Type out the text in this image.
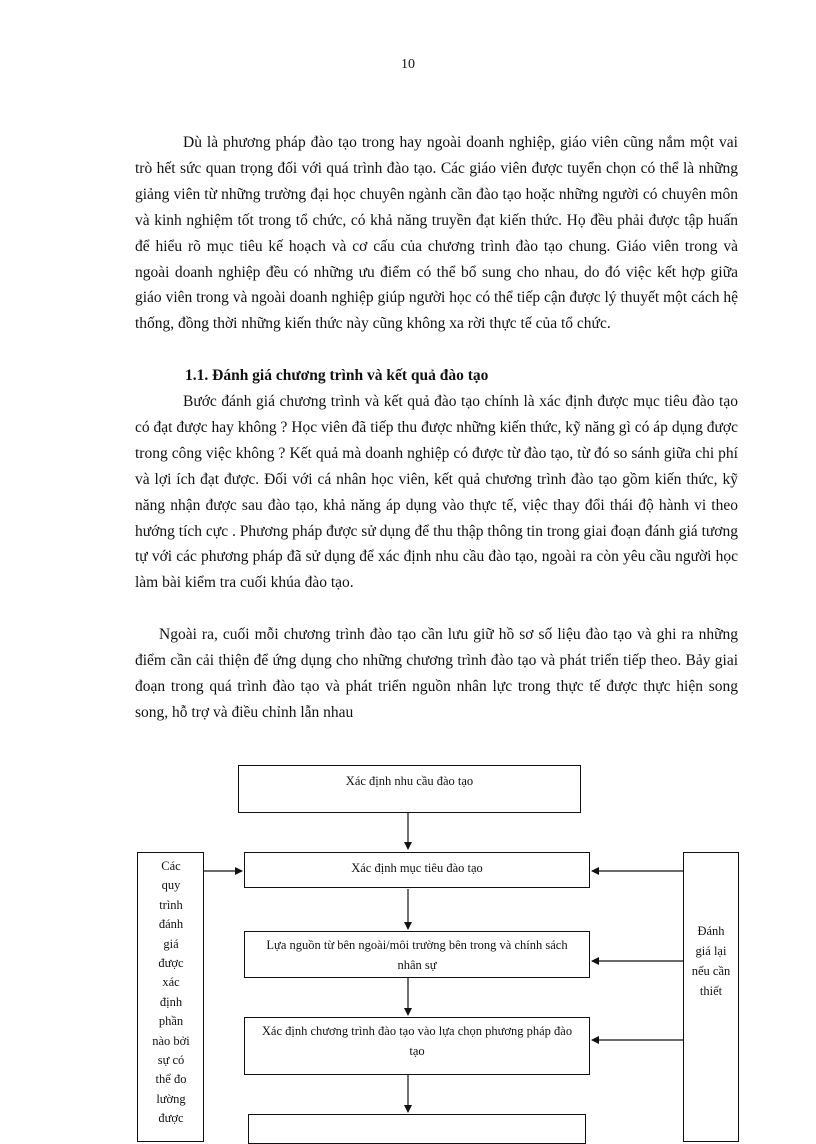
10
Dù là phương pháp đào tạo trong hay ngoài doanh nghiệp, giáo viên cũng nắm một vai trò hết sức quan trọng đối với quá trình đào tạo. Các giáo viên được tuyển chọn có thể là những giảng viên từ những trường đại học chuyên ngành cần đào tạo hoặc những người có chuyên môn và kinh nghiệm tốt trong tổ chức, có khả năng truyền đạt kiến thức. Họ đều phải được tập huấn để hiểu rõ mục tiêu kế hoạch và cơ cấu của chương trình đào tạo chung. Giáo viên trong và ngoài doanh nghiệp đều có những ưu điểm có thể bổ sung cho nhau, do đó việc kết hợp giữa giáo viên trong và ngoài doanh nghiệp giúp người học có thể tiếp cận được lý thuyết một cách hệ thống, đồng thời những kiến thức này cũng không xa rời thực tế của tổ chức.
1.1. Đánh giá chương trình và kết quả đào tạo
Bước đánh giá chương trình và kết quả đào tạo chính là xác định được mục tiêu đào tạo có đạt được hay không ? Học viên đã tiếp thu được những kiến thức, kỹ năng gì có áp dụng được trong công việc không ? Kết quả mà doanh nghiệp có được từ đào tạo, từ đó so sánh giữa chi phí và lợi ích đạt được. Đối với cá nhân học viên, kết quả chương trình đào tạo gồm kiến thức, kỹ năng nhận được sau đào tạo, khả năng áp dụng vào thực tế, việc thay đổi thái độ hành vi theo hướng tích cực . Phương pháp được sử dụng để thu thập thông tin trong giai đoạn đánh giá tương tự với các phương pháp đã sử dụng để xác định nhu cầu đào tạo, ngoài ra còn yêu cầu người học làm bài kiểm tra cuối khúa đào tạo.
Ngoài ra, cuối mỗi chương trình đào tạo cần lưu giữ hồ sơ số liệu đào tạo và ghi ra những điểm cần cải thiện để ứng dụng cho những chương trình đào tạo và phát triển tiếp theo. Bảy giai đoạn trong quá trình đào tạo và phát triển nguồn nhân lực trong thực tế được thực hiện song song, hỗ trợ và điều chỉnh lẫn nhau
Xác định nhu cầu đào tạo
Xác định mục tiêu đào tạo
Lựa nguồn từ bên ngoài/môi trường bên trong và chính sách nhân sự
Xác định chương trình đào tạo vào lựa chọn phương pháp đào tạo
Các quy trình đánh giá được xác định phần nào bởi sự có thể đo lường được
Đánh giá lại nếu cần thiết
